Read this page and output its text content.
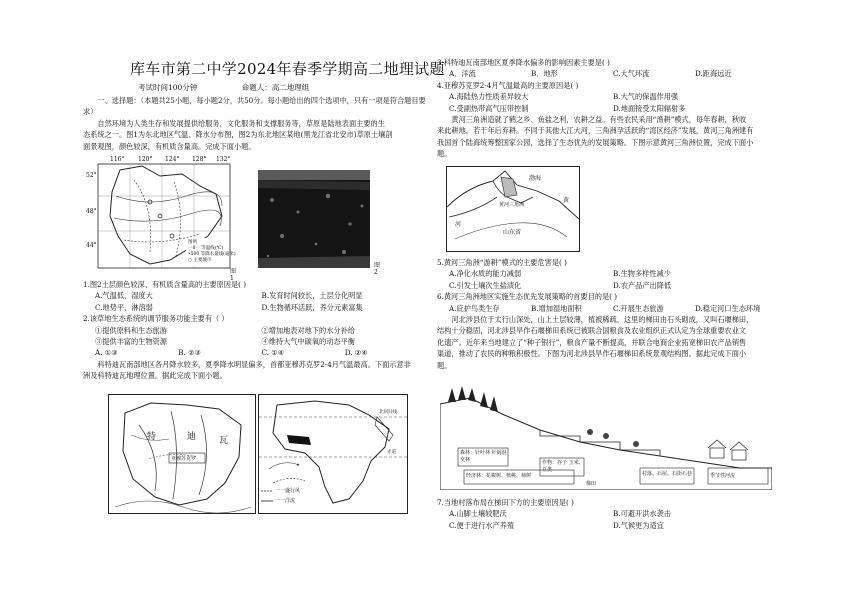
库车市第二中学2024年春季学期高二地理试题
考试时间100分钟	命题人：高二地理组

一、选择题：（本题共25小题，每小题2分，共50分。每小题给出的四个选项中，只有一项是符合题目要求）

自然环境为人类生存和发展提供给服务，文化服务和支撑服务等，草原是陆地表面主要的生

态系统之一。图1为东北地区气温、降水分布图，图2为东北地区某地(黑龙江省北安市)草原土壤剖

面景观图，颜色较深，有机质含量高。完成下面小题。

116° 120° 124° 128° 132°
52°
48°
44°	图例
一8一 等温线(℃)
•500 等降水量线(毫米)
○ 主要城市
图1
图2

1.图2土层颜色较深、有机质含量高的主要原因是( )

A.气温低、湿度大	B.发育时间较长，土层分化明显
C.地势平、淋溶弱	D.生物循环活跃，养分元素富集

2.该草地生态系统的调节服务功能主要有（ ）

①提供原料和生态旅游	②增加地表对地下的水分补给
③提供丰富的生物资源	④维持大气中碳氧的动态平衡
A. ①③	B. ②③	C. ①④	D. ②④

科特迪瓦南部地区各月降水较多，夏季降水明显偏多，首都亚穆苏克罗2-4月气温最高。下面示意非

洲及科特迪瓦地理位置。据此完成下面小题。

特	迪	瓦
亚穆苏克罗
北回归线
赤道
一一盛行风
一一洋流

3.科特迪瓦南部地区夏季降水偏多的影响因素主要是( )

A．洋流	B．地形	C.大气环流	D.距海远近

4.亚穆苏克罗2-4月气温最高的主要原因是( )

A.海陆热力性质差异较大	B.大气的保温作用强
C.受副热带高气压带控制	D.地面接受太阳辐射多

黄河三角洲造就了鹤之乡、鱼盐之利，农耕之益。有些农民采用“渔耕”模式，每年春耕，秋收

来此耕地，若干年后弃耕。不同于其他大江大河，三角洲孕活跃的“湾区经济”发展，黄河三角洲建有

我国首个陆海统筹整国家公园，选择了生态优先的发展策略。下图示意黄河三角洲位置，完成下面小

题。

渤海
黄
黄河三角洲
山东省
河

5.黄河三角洲“游耕”模式的主要危害是( )

A.净化水质的能力减弱	B.生物多样性减少
C.引发土壤次生盐渍化	D.农产品产出降低

6.黄河三角洲地区实施生态优先发展策略的首要目的是( )

A.庇护鸟类生存	B.增加湿地面积	C.开展生态旅游	D.稳定河口生态环境

河北涉县位于太行山深处，山上土层较薄，植被稀疏，这里的梯田由石头砌成，又叫石堰梯田，

结构十分稳固，河北涉县旱作石堰梯田系统已被联合国粮食及农业组织正式认定为全球重要农业文

化遗产。近年来当地建立了“种子银行”，粮食产量不断提高，并联合电商企业拓宽梯田农产品销售

渠道，推动了农民的种粮积极性。下图为河北涉县旱作石堰梯田系统景观结构图。据此完成下面小

题。

森林：针叶林 针阔混交林
梯田
作物：谷子 玉米、豆类
经济林：花椒树、核桃、柿树	村落、石屋、石街石巷	季节性河流

7.当地村落布局在梯田下方的主要原因是( )

A.山脚土壤较肥沃	B.可避开洪水袭击
C.便于进行水产养殖	D.气候更为适宜
